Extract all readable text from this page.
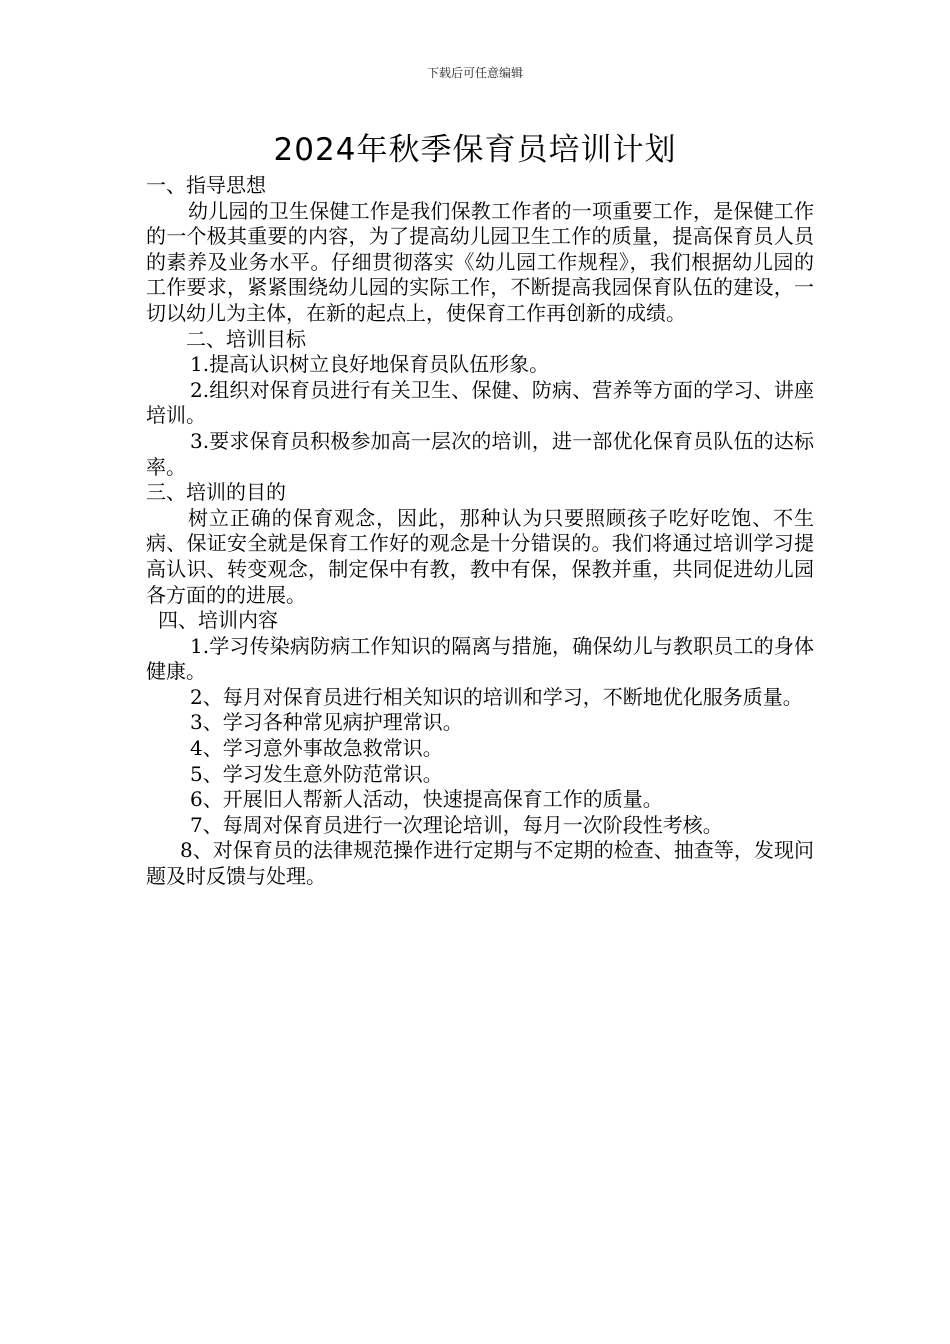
下载后可任意编辑
2024年秋季保育员培训计划

一、指导思想

幼儿园的卫生保健工作是我们保教工作者的一项重要工作，是保健工作的一个极其重要的内容，为了提高幼儿园卫生工作的质量，提高保育员人员的素养及业务水平。仔细贯彻落实《幼儿园工作规程》，我们根据幼儿园的工作要求，紧紧围绕幼儿园的实际工作，不断提高我园保育队伍的建设，一切以幼儿为主体，在新的起点上，使保育工作再创新的成绩。

二、培训目标

1.提高认识树立良好地保育员队伍形象。

2.组织对保育员进行有关卫生、保健、防病、营养等方面的学习、讲座培训。

3.要求保育员积极参加高一层次的培训，进一部优化保育员队伍的达标率。

三、培训的目的

树立正确的保育观念，因此，那种认为只要照顾孩子吃好吃饱、不生病、保证安全就是保育工作好的观念是十分错误的。我们将通过培训学习提高认识、转变观念，制定保中有教，教中有保，保教并重，共同促进幼儿园各方面的的进展。

四、培训内容

1.学习传染病防病工作知识的隔离与措施，确保幼儿与教职员工的身体健康。

2、每月对保育员进行相关知识的培训和学习，不断地优化服务质量。

3、学习各种常见病护理常识。

4、学习意外事故急救常识。

5、学习发生意外防范常识。

6、开展旧人帮新人活动，快速提高保育工作的质量。

7、每周对保育员进行一次理论培训，每月一次阶段性考核。

8、对保育员的法律规范操作进行定期与不定期的检查、抽查等，发现问题及时反馈与处理。
